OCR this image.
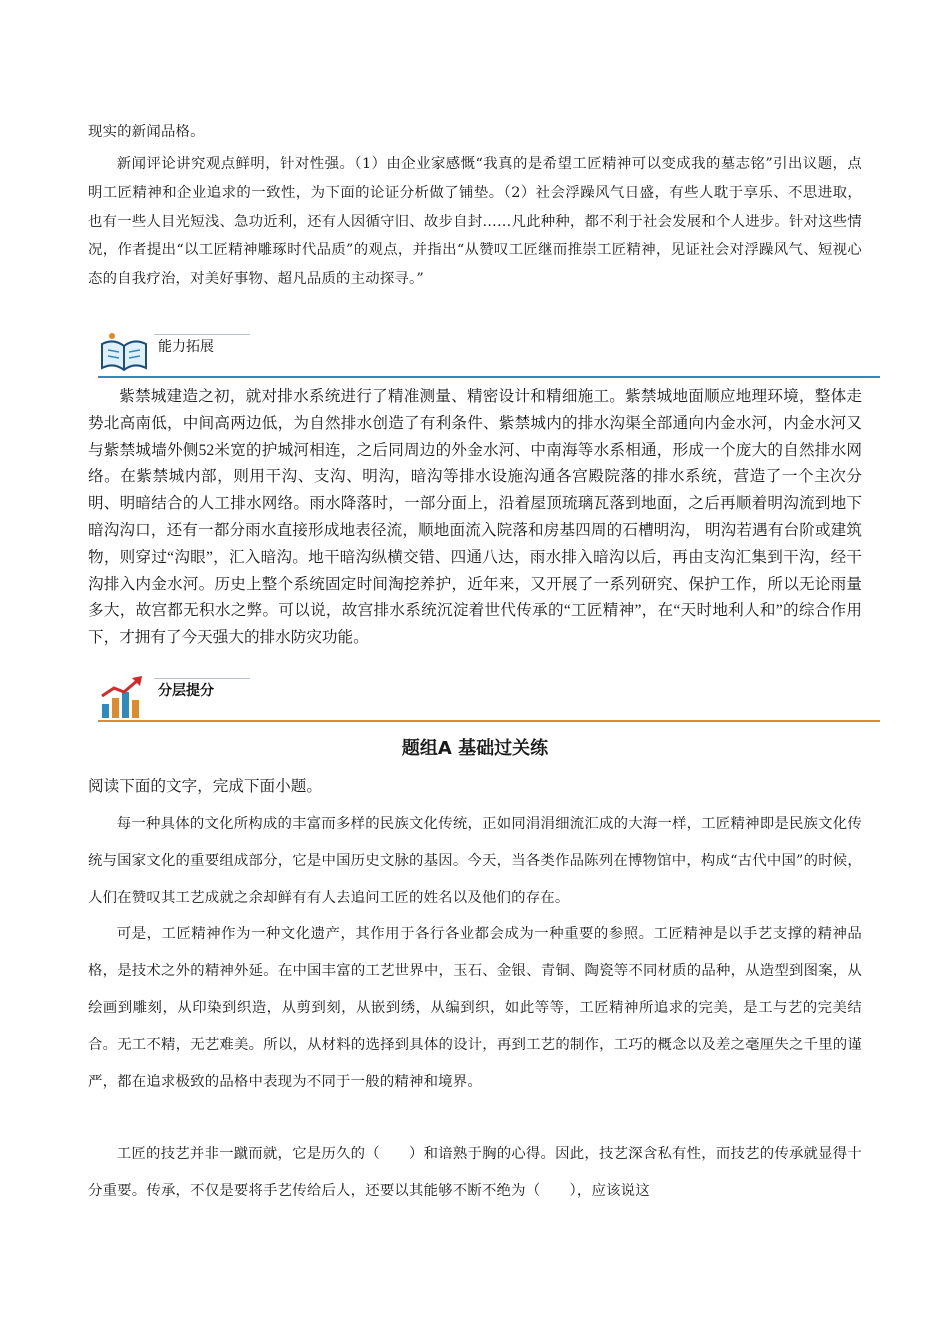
现实的新闻品格。

新闻评论讲究观点鲜明，针对性强。（1）由企业家感慨“我真的是希望工匠精神可以变成我的墓志铭”引出议题，点明工匠精神和企业追求的一致性，为下面的论证分析做了铺垫。（2）社会浮躁风气日盛，有些人耽于享乐、不思进取，也有一些人目光短浅、急功近利，还有人因循守旧、故步自封……凡此种种，都不利于社会发展和个人进步。针对这些情况，作者提出“以工匠精神雕琢时代品质”的观点，并指出“从赞叹工匠继而推崇工匠精神，见证社会对浮躁风气、短视心态的自我疗治，对美好事物、超凡品质的主动探寻。”

能力拓展

紫禁城建造之初，就对排水系统进行了精准测量、精密设计和精细施工。紫禁城地面顺应地理环境，整体走势北高南低，中间高两边低，为自然排水创造了有利条件、紫禁城内的排水沟渠全部通向内金水河，内金水河又与紫禁城墙外侧52米宽的护城河相连，之后同周边的外金水河、中南海等水系相通，形成一个庞大的自然排水网络。在紫禁城内部，则用干沟、支沟、明沟，暗沟等排水设施沟通各宫殿院落的排水系统，营造了一个主次分明、明暗结合的人工排水网络。雨水降落时，一部分面上，沿着屋顶琉璃瓦落到地面，之后再顺着明沟流到地下暗沟沟口，还有一都分雨水直接形成地表径流，顺地面流入院落和房基四周的石槽明沟， 明沟若遇有台阶或建筑物，则穿过“沟眼”，汇入暗沟。地干暗沟纵横交错、四通八达，雨水排入暗沟以后，再由支沟汇集到干沟，经干沟排入内金水河。历史上整个系统固定时间淘挖养护，近年来，又开展了一系列研究、保护工作，所以无论雨量多大，故宫都无积水之弊。可以说，故宫排水系统沉淀着世代传承的“工匠精神”，在“天时地利人和”的综合作用下，才拥有了今天强大的排水防灾功能。

分层提分
题组A 基础过关练

阅读下面的文字，完成下面小题。

每一种具体的文化所构成的丰富而多样的民族文化传统，正如同涓涓细流汇成的大海一样，工匠精神即是民族文化传统与国家文化的重要组成部分，它是中国历史文脉的基因。今天，当各类作品陈列在博物馆中，构成“古代中国”的时候，人们在赞叹其工艺成就之余却鲜有有人去追问工匠的姓名以及他们的存在。

可是，工匠精神作为一种文化遗产，其作用于各行各业都会成为一种重要的参照。工匠精神是以手艺支撑的精神品格，是技术之外的精神外延。在中国丰富的工艺世界中，玉石、金银、青铜、陶瓷等不同材质的品种，从造型到图案，从绘画到雕刻，从印染到织造，从剪到刻，从嵌到绣，从编到织，如此等等，工匠精神所追求的完美，是工与艺的完美结合。无工不精，无艺难美。所以，从材料的选择到具体的设计，再到工艺的制作，工巧的概念以及差之毫厘失之千里的谨严，都在追求极致的品格中表现为不同于一般的精神和境界。

工匠的技艺并非一蹴而就，它是历久的（　　）和谙熟于胸的心得。因此，技艺深含私有性，而技艺的传承就显得十分重要。传承，不仅是要将手艺传给后人，还要以其能够不断不绝为（　　），应该说这
